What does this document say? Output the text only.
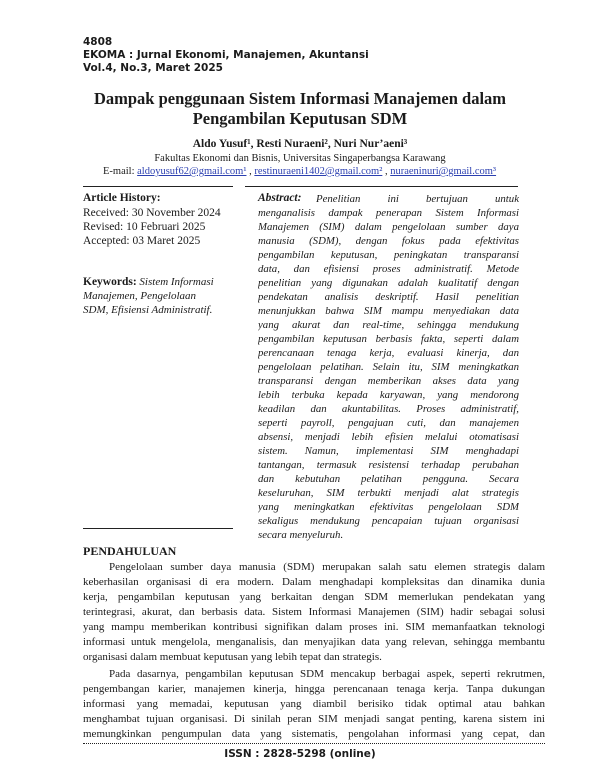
4808
EKOMA : Jurnal Ekonomi, Manajemen, Akuntansi
Vol.4, No.3, Maret 2025
Dampak penggunaan Sistem Informasi Manajemen dalam
Pengambilan Keputusan SDM
Aldo Yusuf¹, Resti Nuraeni², Nuri Nur’aeni³
Fakultas Ekonomi dan Bisnis, Universitas Singaperbangsa Karawang
E-mail: aldoyusuf62@gmail.com¹ , restinuraeni1402@gmail.com² , nuraeninuri@gmail.com³
Article History:
Received: 30 November 2024
Revised: 10 Februari 2025
Accepted: 03 Maret 2025
Keywords: Sistem Informasi
Manajemen, Pengelolaan
SDM, Efisiensi Administratif.
Abstract: Penelitian ini bertujuan untuk
menganalisis dampak penerapan Sistem Informasi
Manajemen (SIM) dalam pengelolaan sumber daya
manusia (SDM), dengan fokus pada efektivitas
pengambilan keputusan, peningkatan transparansi
data, dan efisiensi proses administratif. Metode
penelitian yang digunakan adalah kualitatif dengan
pendekatan analisis deskriptif. Hasil penelitian
menunjukkan bahwa SIM mampu menyediakan data
yang akurat dan real-time, sehingga mendukung
pengambilan keputusan berbasis fakta, seperti dalam
perencanaan tenaga kerja, evaluasi kinerja, dan
pengelolaan pelatihan. Selain itu, SIM meningkatkan
transparansi dengan memberikan akses data yang
lebih terbuka kepada karyawan, yang mendorong
keadilan dan akuntabilitas. Proses administratif,
seperti payroll, pengajuan cuti, dan manajemen
absensi, menjadi lebih efisien melalui otomatisasi
sistem. Namun, implementasi SIM menghadapi
tantangan, termasuk resistensi terhadap perubahan
dan kebutuhan pelatihan pengguna. Secara
keseluruhan, SIM terbukti menjadi alat strategis
yang meningkatkan efektivitas pengelolaan SDM
sekaligus mendukung pencapaian tujuan organisasi
secara menyeluruh.
PENDAHULUAN
Pengelolaan sumber daya manusia (SDM) merupakan salah satu elemen strategis dalam
keberhasilan organisasi di era modern. Dalam menghadapi kompleksitas dan dinamika dunia
kerja, pengambilan keputusan yang berkaitan dengan SDM memerlukan pendekatan yang
terintegrasi, akurat, dan berbasis data. Sistem Informasi Manajemen (SIM) hadir sebagai solusi
yang mampu memberikan kontribusi signifikan dalam proses ini. SIM memanfaatkan teknologi
informasi untuk mengelola, menganalisis, dan menyajikan data yang relevan, sehingga membantu
organisasi dalam membuat keputusan yang lebih tepat dan strategis.
Pada dasarnya, pengambilan keputusan SDM mencakup berbagai aspek, seperti rekrutmen,
pengembangan karier, manajemen kinerja, hingga perencanaan tenaga kerja. Tanpa dukungan
informasi yang memadai, keputusan yang diambil berisiko tidak optimal atau bahkan
menghambat tujuan organisasi. Di sinilah peran SIM menjadi sangat penting, karena sistem ini
memungkinkan pengumpulan data yang sistematis, pengolahan informasi yang cepat, dan
ISSN : 2828-5298 (online)
